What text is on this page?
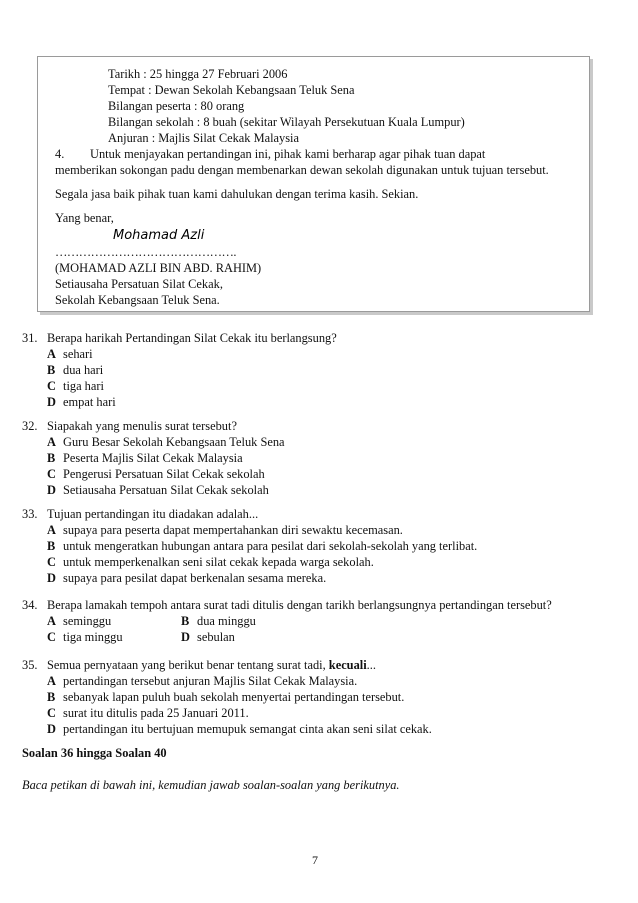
Tarikh : 25 hingga 27 Februari 2006
Tempat : Dewan Sekolah Kebangsaan Teluk Sena
Bilangan peserta : 80 orang
Bilangan sekolah : 8 buah (sekitar Wilayah Persekutuan Kuala Lumpur)
Anjuran : Majlis Silat Cekak Malaysia
4. Untuk menjayakan pertandingan ini, pihak kami berharap agar pihak tuan dapat
memberikan sokongan padu dengan membenarkan dewan sekolah digunakan untuk tujuan tersebut.
Segala jasa baik pihak tuan kami dahulukan dengan terima kasih. Sekian.
Yang benar,
Mohamad Azli
……………………………………….
(MOHAMAD AZLI BIN ABD. RAHIM)
Setiausaha Persatuan Silat Cekak,
Sekolah Kebangsaan Teluk Sena.
31. Berapa harikah Pertandingan Silat Cekak itu berlangsung?
A sehari
B dua hari
C tiga hari
D empat hari
32. Siapakah yang menulis surat tersebut?
A Guru Besar Sekolah Kebangsaan Teluk Sena
B Peserta Majlis Silat Cekak Malaysia
C Pengerusi Persatuan Silat Cekak sekolah
D Setiausaha Persatuan Silat Cekak sekolah
33. Tujuan pertandingan itu diadakan adalah...
A supaya para peserta dapat mempertahankan diri sewaktu kecemasan.
B untuk mengeratkan hubungan antara para pesilat dari sekolah-sekolah yang terlibat.
C untuk memperkenalkan seni silat cekak kepada warga sekolah.
D supaya para pesilat dapat berkenalan sesama mereka.
34. Berapa lamakah tempoh antara surat tadi ditulis dengan tarikh berlangsungnya pertandingan tersebut?
A seminggu	B dua minggu
C tiga minggu	D sebulan
35. Semua pernyataan yang berikut benar tentang surat tadi, kecuali...
A pertandingan tersebut anjuran Majlis Silat Cekak Malaysia.
B sebanyak lapan puluh buah sekolah menyertai pertandingan tersebut.
C surat itu ditulis pada 25 Januari 2011.
D pertandingan itu bertujuan memupuk semangat cinta akan seni silat cekak.
Soalan 36 hingga Soalan 40
Baca petikan di bawah ini, kemudian jawab soalan-soalan yang berikutnya.
7
